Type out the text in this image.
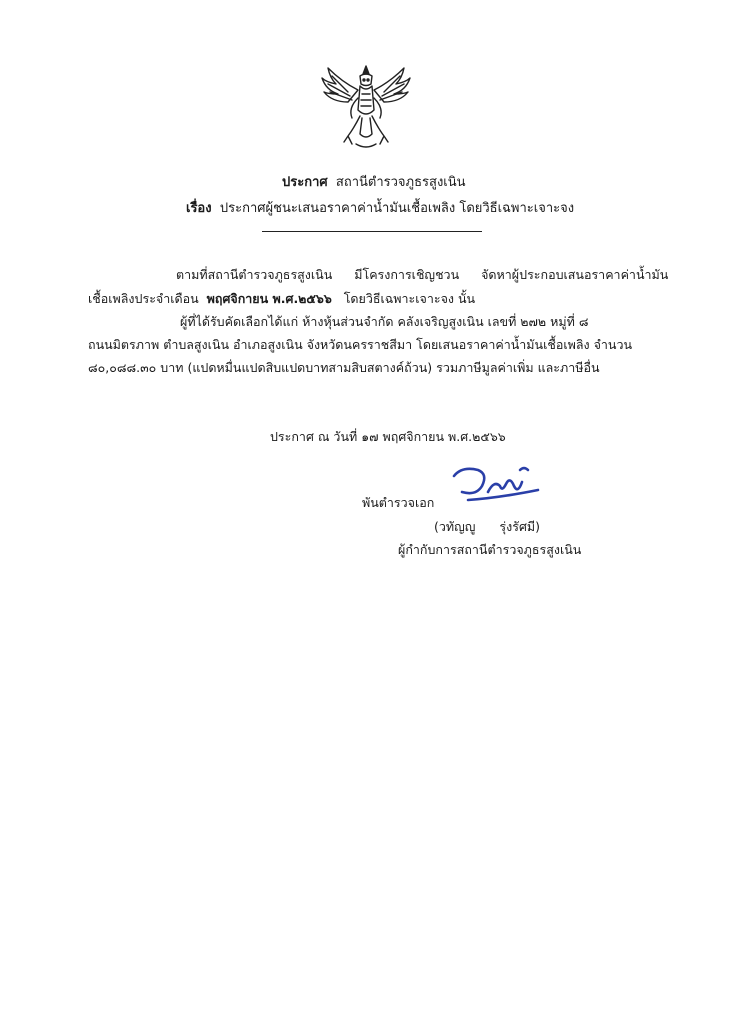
ประกาศ สถานีตำรวจภูธรสูงเนิน
เรื่อง ประกาศผู้ชนะเสนอราคาค่าน้ำมันเชื้อเพลิง โดยวิธีเฉพาะเจาะจง
ตามที่สถานีตำรวจภูธรสูงเนิน มีโครงการเชิญชวน จัดหาผู้ประกอบเสนอราคาค่าน้ำมัน
เชื้อเพลิงประจำเดือน พฤศจิกายน พ.ศ.๒๕๖๖ โดยวิธีเฉพาะเจาะจง นั้น
ผู้ที่ได้รับคัดเลือกได้แก่ ห้างหุ้นส่วนจำกัด คลังเจริญสูงเนิน เลขที่ ๒๗๒ หมู่ที่ ๘
ถนนมิตรภาพ ตำบลสูงเนิน อำเภอสูงเนิน จังหวัดนครราชสีมา โดยเสนอราคาค่าน้ำมันเชื้อเพลิง จำนวน
๘๐,๐๘๘.๓๐ บาท (แปดหมื่นแปดสิบแปดบาทสามสิบสตางค์ถ้วน) รวมภาษีมูลค่าเพิ่ม และภาษีอื่น
ประกาศ ณ วันที่ ๑๗ พฤศจิกายน พ.ศ.๒๕๖๖
พันตำรวจเอก
(วทัญญู รุ่งรัศมี)
ผู้กำกับการสถานีตำรวจภูธรสูงเนิน
